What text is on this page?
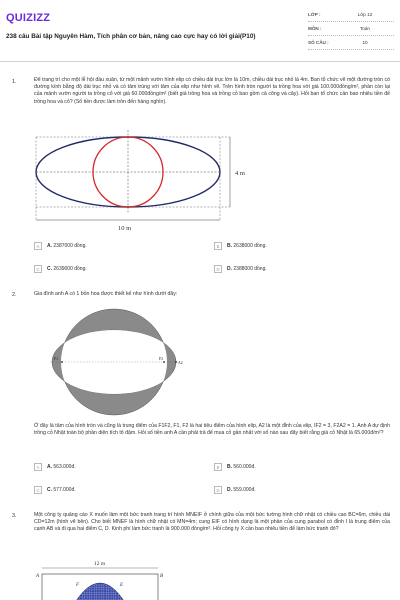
QUIZIZZ
238 câu Bài tập Nguyên Hàm, Tích phân cơ bản, nâng cao cực hay có lời giải(P10)
LỚP :	Lớp 12
MÔN :	Toán
SỐ CÂU :	10
1.	Để trang trí cho một lễ hội đầu xuân, từ một mảnh vườn hình elip có chiều dài trục lớn là 10m, chiều dài trục nhỏ là 4m. Ban tổ chức vẽ một đường tròn có đường kính bằng độ dài trục nhỏ và có tâm trùng với tâm của elip như hình vẽ. Trên hình tròn người ta trồng hoa với giá 100.000đồng/m², phần còn lại của mảnh vườn người ta trồng cỏ với giá 60.000đồng/m² (biết giá trồng hoa và trồng cỏ bao gồm cả công và cây). Hỏi ban tổ chức cần bao nhiêu tiền để trồng hoa và cỏ? (Số tiền được làm tròn đến hàng nghìn).
4 m
10 m
A	A. 2387000 đồng.	B	B. 2638000 đồng.
C	C. 2639000 đồng.	D	D. 2388000 đồng.
2.	Gia đình anh A có 1 bồn hoa được thiết kế như hình dưới đây:
F1	F2
A2
Ở đây là tâm của hình tròn và cũng là trung điểm của F1F2, F1, F2 là hai tiêu điểm của hình elip, A2 là một đỉnh của elip, IF2 = 3, F2A2 = 1. Anh A dự định trồng cỏ Nhật toàn bộ phần diện tích tô đậm. Hỏi số tiền anh A cần phải trả để mua cỏ gần nhất với số nào sau đây biết rằng giá cỏ Nhật là 65.000đ/m²?
A	A. 563.000đ.	B	B. 560.000đ.
C	C. 577.000đ.	D	D. 559.000đ.
3.	Một công ty quảng cáo X muốn làm một bức tranh trang trí hình MNEIF ở chính giữa của một bức tường hình chữ nhật có chiều cao BC=6m, chiều dài CD=12m (hình vẽ bên). Cho biết MNEF là hình chữ nhật có MN=4m; cung EIF có hình dạng là một phần của cung parabol có đỉnh I là trung điểm của cạnh AB và đi qua hai điểm C, D. Kinh phí làm bức tranh là 900.000 đồng/m². Hỏi công ty X cần bao nhiêu tiền để làm bức tranh đó?
12 m
A	B
F	E
